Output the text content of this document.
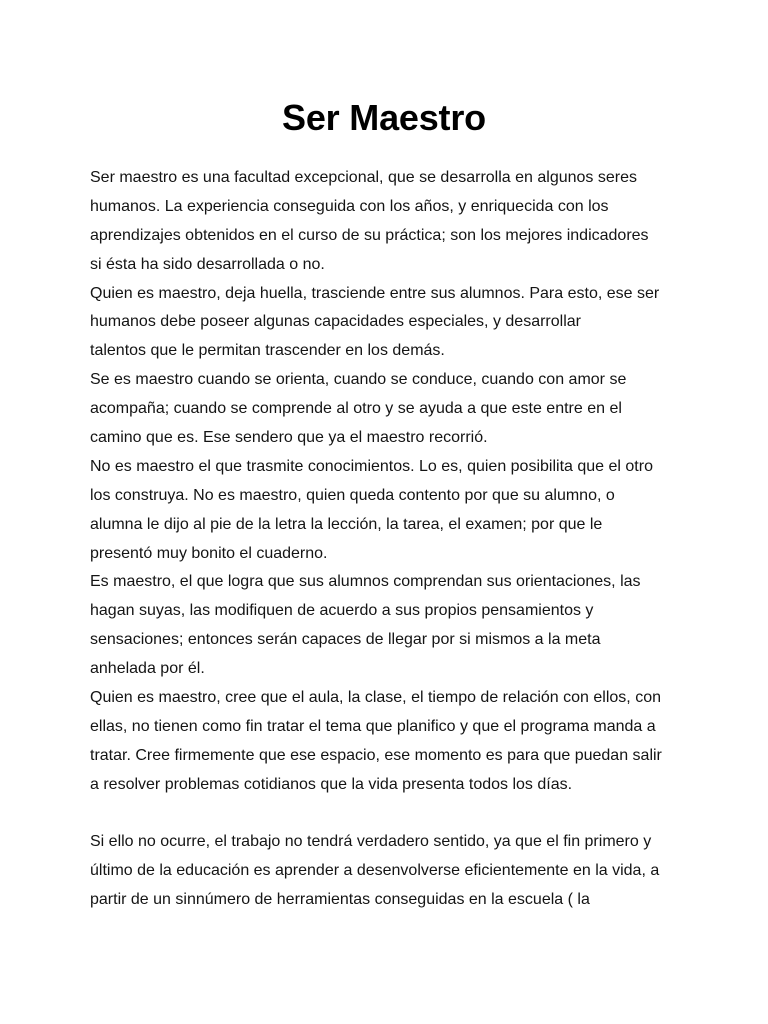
Ser Maestro
Ser maestro es una facultad excepcional, que se desarrolla en algunos seres
humanos. La experiencia conseguida con los años, y enriquecida con los
aprendizajes obtenidos en el curso de su práctica; son los mejores indicadores
si ésta ha sido desarrollada o no.
Quien es maestro, deja huella, trasciende entre sus alumnos. Para esto, ese ser
humanos debe poseer algunas capacidades especiales, y desarrollar
talentos que le permitan trascender en los demás.
Se es maestro cuando se orienta, cuando se conduce, cuando con amor se
acompaña; cuando se comprende al otro y se ayuda a que este entre en el
camino que es. Ese sendero que ya el maestro recorrió.
No es maestro el que trasmite conocimientos. Lo es, quien posibilita que el otro
los construya. No es maestro, quien queda contento por que su alumno, o
alumna le dijo al pie de la letra la lección, la tarea, el examen; por que le
presentó muy bonito el cuaderno.
Es maestro, el que logra que sus alumnos comprendan sus orientaciones, las
hagan suyas, las modifiquen de acuerdo a sus propios pensamientos y
sensaciones; entonces serán capaces de llegar por si mismos a la meta
anhelada por él.
Quien es maestro, cree que el aula, la clase, el tiempo de relación con ellos, con
ellas, no tienen como fin tratar el tema que planifico y que el programa manda a
tratar. Cree firmemente que ese espacio, ese momento es para que puedan salir
a resolver problemas cotidianos que la vida presenta todos los días.
Si ello no ocurre, el trabajo no tendrá verdadero sentido, ya que el fin primero y
último de la educación es aprender a desenvolverse eficientemente en la vida, a
partir de un sinnúmero de herramientas conseguidas en la escuela ( la
